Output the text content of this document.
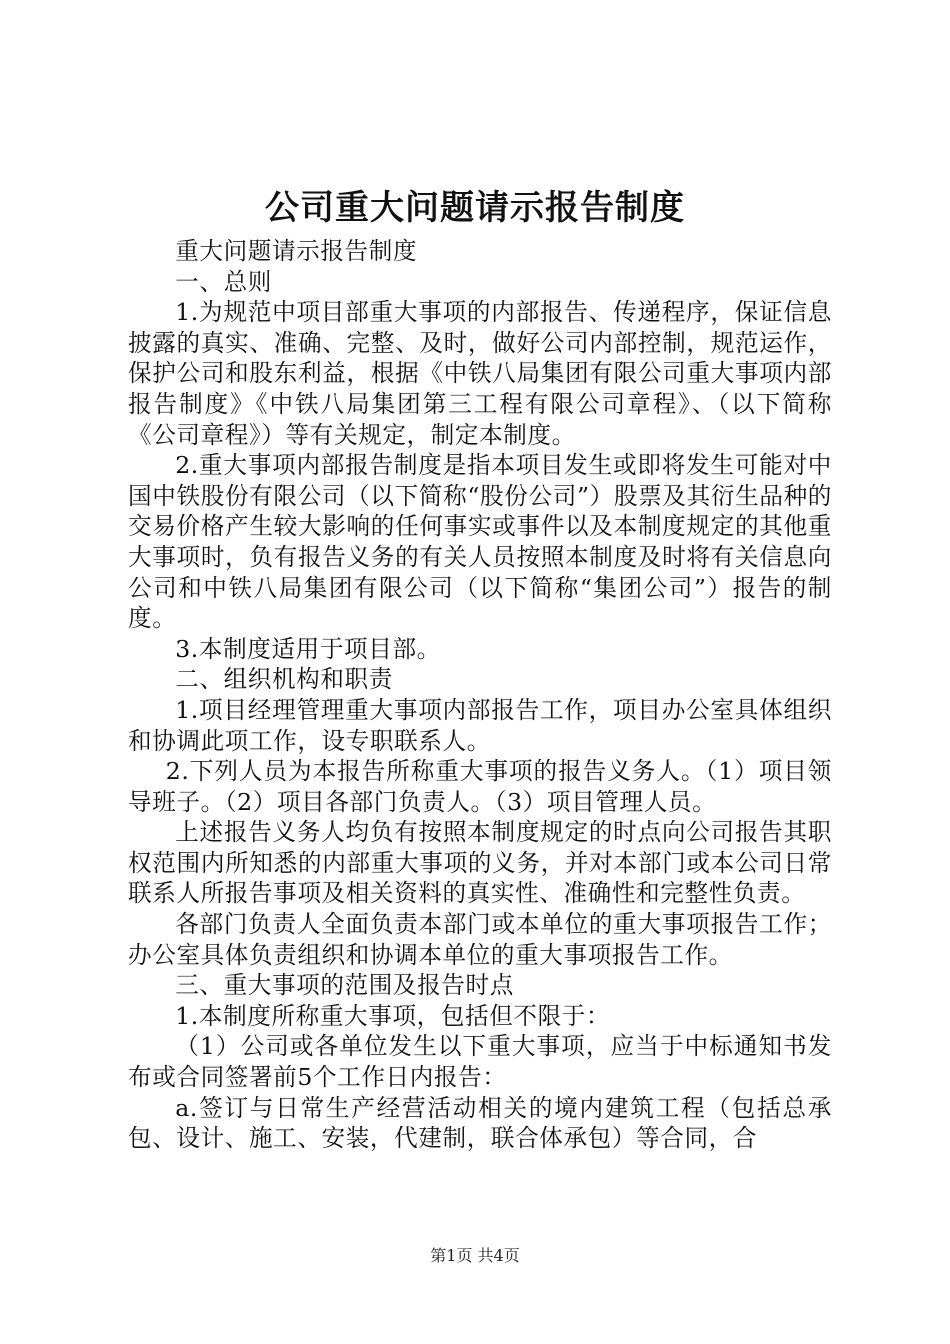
公司重大问题请示报告制度

重大问题请示报告制度

一、总则

1.为规范中项目部重大事项的内部报告、传递程序，保证信息披露的真实、准确、完整、及时，做好公司内部控制，规范运作，保护公司和股东利益，根据《中铁八局集团有限公司重大事项内部报告制度》《中铁八局集团第三工程有限公司章程》、（以下简称《公司章程》）等有关规定，制定本制度。

2.重大事项内部报告制度是指本项目发生或即将发生可能对中国中铁股份有限公司（以下简称“股份公司”）股票及其衍生品种的交易价格产生较大影响的任何事实或事件以及本制度规定的其他重大事项时，负有报告义务的有关人员按照本制度及时将有关信息向公司和中铁八局集团有限公司（以下简称“集团公司”）报告的制度。

3.本制度适用于项目部。

二、组织机构和职责

1.项目经理管理重大事项内部报告工作，项目办公室具体组织和协调此项工作，设专职联系人。

2.下列人员为本报告所称重大事项的报告义务人。（1）项目领导班子。（2）项目各部门负责人。（3）项目管理人员。

上述报告义务人均负有按照本制度规定的时点向公司报告其职权范围内所知悉的内部重大事项的义务，并对本部门或本公司日常联系人所报告事项及相关资料的真实性、准确性和完整性负责。

各部门负责人全面负责本部门或本单位的重大事项报告工作；办公室具体负责组织和协调本单位的重大事项报告工作。

三、重大事项的范围及报告时点

1.本制度所称重大事项，包括但不限于：

（1）公司或各单位发生以下重大事项，应当于中标通知书发布或合同签署前5个工作日内报告：

a.签订与日常生产经营活动相关的境内建筑工程（包括总承包、设计、施工、安装，代建制，联合体承包）等合同，合

第1页 共4页
